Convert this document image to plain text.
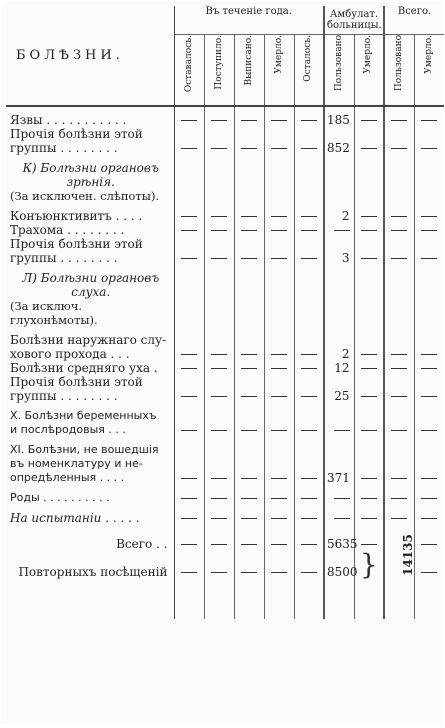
БОЛѢЗНИ.	Въ теченіе года.					Амбулат. больницы.		Всего.	
	Оставалось.	Поступило.	Выписано.	Умерло.	Осталось.	Пользовано	Умерло.	Пользовано	Умерло.

Язвы . . . . . . . . . . .						185			
Прочія болѣзни этой									
группы . . . . . . . .						852			

К) Болѣзни органовъ									
зрѣнія.									
(За исключен. слѣпоты).									

Конъюнктивитъ . . . .						2			
Трахома . . . . . . . .									
Прочія болѣзни этой									
группы . . . . . . . .						3			

Л) Болѣзни органовъ									
слуха.									
(За исключ. глухонѣмоты).									

Болѣзни наружнаго слу-									
хового прохода . . .						2			
Болѣзни средняго уха .						12			
Прочія болѣзни этой									
группы . . . . . . . .						25			

X. Болѣзни беременныхъ									
и послѣродовыя . . .									

XI. Болѣзни, не вошедшія									
въ номенклатуру и не-									
опредѣленныя . . . .						371			

Роды . . . . . . . . . .									

На испытаніи . . . . .									

Всего . .						5635		14135	
Повторныхъ посѣщеній						8500	}		
